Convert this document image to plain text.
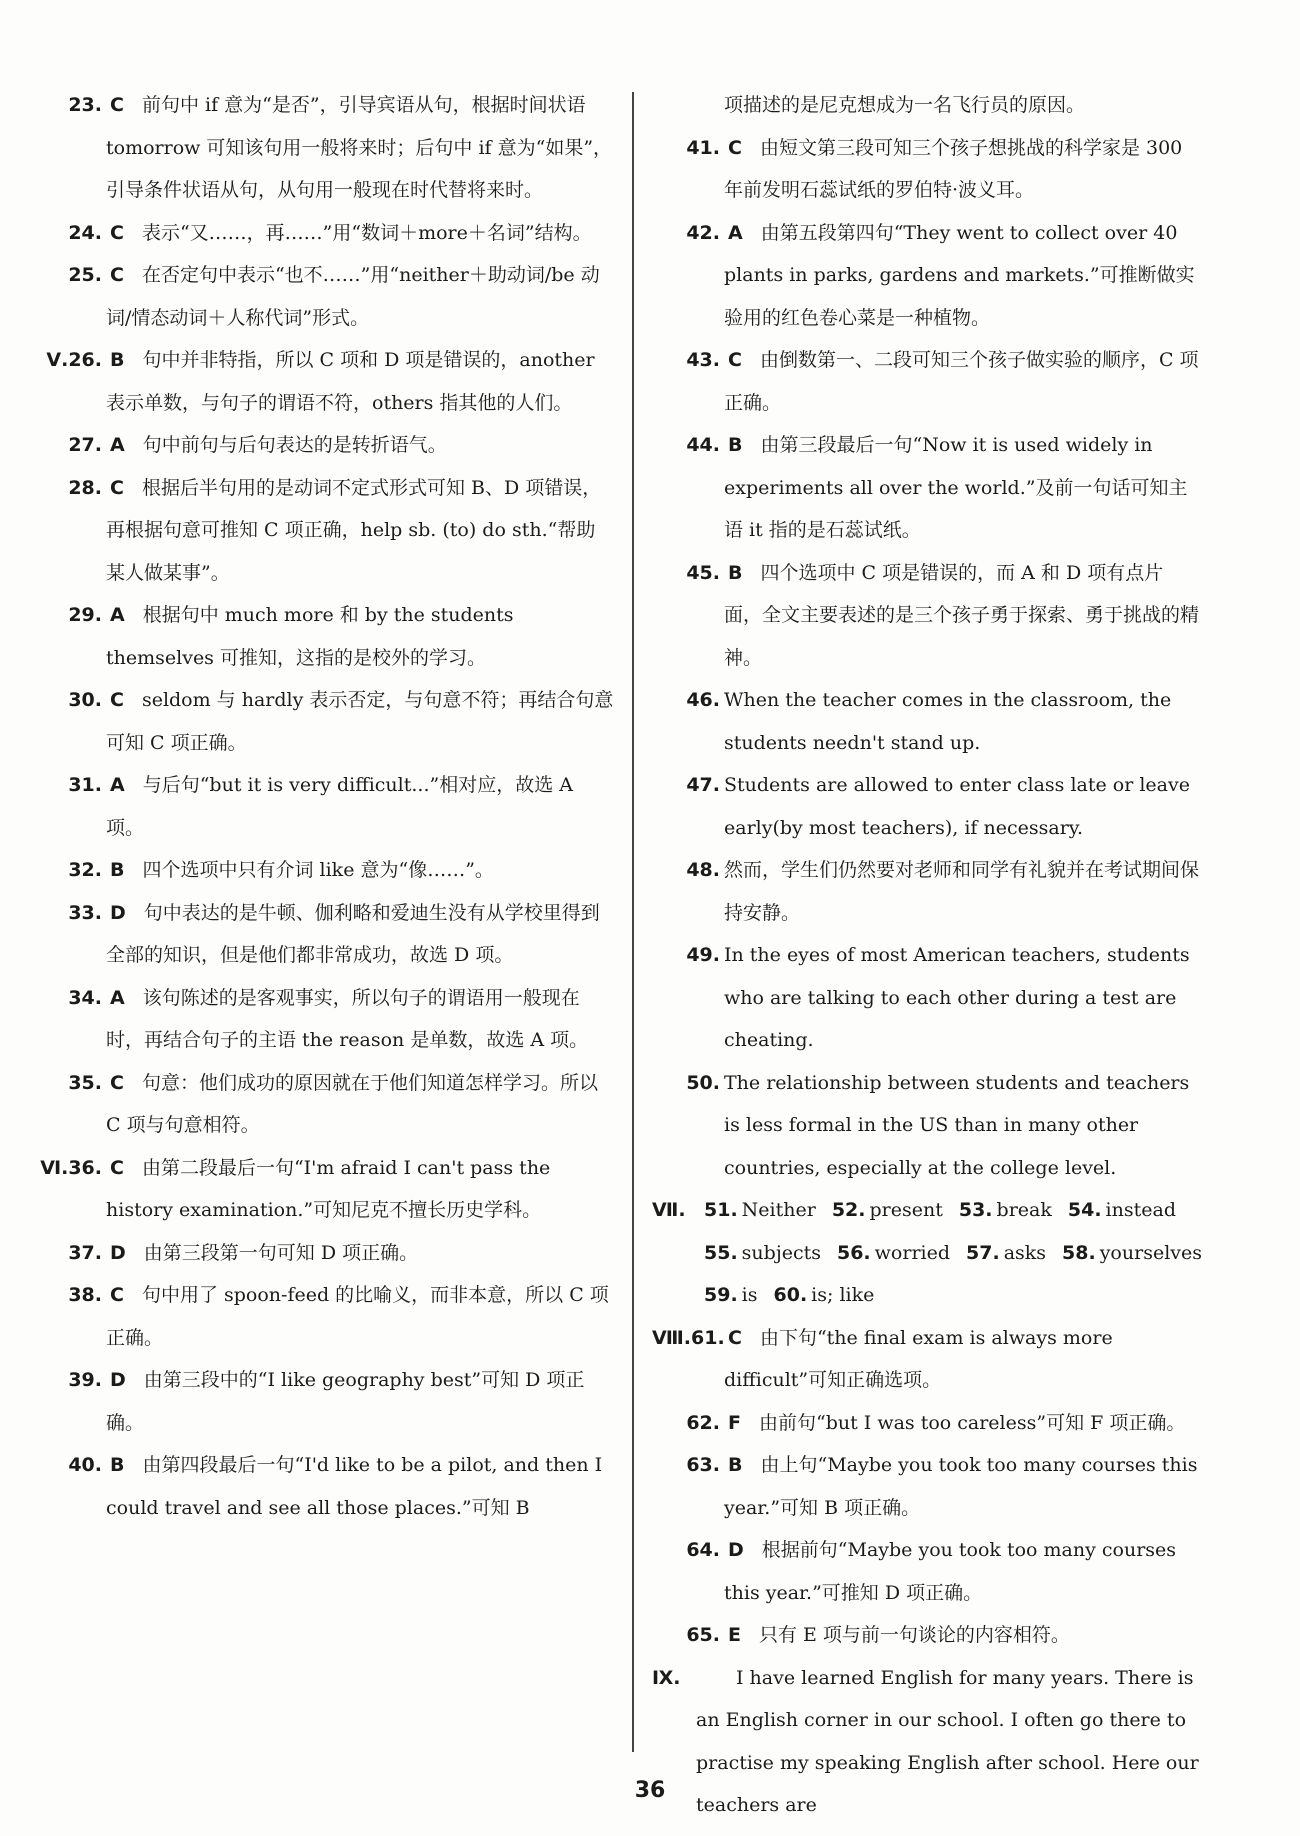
23. C 前句中 if 意为“是否”，引导宾语从句，根据时间状语 tomorrow 可知该句用一般将来时；后句中 if 意为“如果”，引导条件状语从句，从句用一般现在时代替将来时。
24. C 表示“又……，再……”用“数词＋more＋名词”结构。
25. C 在否定句中表示“也不……”用“neither＋助动词/be 动词/情态动词＋人称代词”形式。
Ⅴ.26. B 句中并非特指，所以 C 项和 D 项是错误的，another 表示单数，与句子的谓语不符，others 指其他的人们。
27. A 句中前句与后句表达的是转折语气。
28. C 根据后半句用的是动词不定式形式可知 B、D 项错误，再根据句意可推知 C 项正确，help sb. (to) do sth.“帮助某人做某事”。
29. A 根据句中 much more 和 by the students themselves 可推知，这指的是校外的学习。
30. C seldom 与 hardly 表示否定，与句意不符；再结合句意可知 C 项正确。
31. A 与后句“but it is very difficult...”相对应，故选 A 项。
32. B 四个选项中只有介词 like 意为“像……”。
33. D 句中表达的是牛顿、伽利略和爱迪生没有从学校里得到全部的知识，但是他们都非常成功，故选 D 项。
34. A 该句陈述的是客观事实，所以句子的谓语用一般现在时，再结合句子的主语 the reason 是单数，故选 A 项。
35. C 句意：他们成功的原因就在于他们知道怎样学习。所以 C 项与句意相符。
Ⅵ.36. C 由第二段最后一句“I'm afraid I can't pass the history examination.”可知尼克不擅长历史学科。
37. D 由第三段第一句可知 D 项正确。
38. C 句中用了 spoon-feed 的比喻义，而非本意，所以 C 项正确。
39. D 由第三段中的“I like geography best”可知 D 项正确。
40. B 由第四段最后一句“I'd like to be a pilot, and then I could travel and see all those places.”可知 B
项描述的是尼克想成为一名飞行员的原因。
41. C 由短文第三段可知三个孩子想挑战的科学家是 300 年前发明石蕊试纸的罗伯特·波义耳。
42. A 由第五段第四句“They went to collect over 40 plants in parks, gardens and markets.”可推断做实验用的红色卷心菜是一种植物。
43. C 由倒数第一、二段可知三个孩子做实验的顺序，C 项正确。
44. B 由第三段最后一句“Now it is used widely in experiments all over the world.”及前一句话可知主语 it 指的是石蕊试纸。
45. B 四个选项中 C 项是错误的，而 A 和 D 项有点片面，全文主要表述的是三个孩子勇于探索、勇于挑战的精神。
46. When the teacher comes in the classroom, the students needn't stand up.
47. Students are allowed to enter class late or leave early(by most teachers), if necessary.
48. 然而，学生们仍然要对老师和同学有礼貌并在考试期间保持安静。
49. In the eyes of most American teachers, students who are talking to each other during a test are cheating.
50. The relationship between students and teachers is less formal in the US than in many other countries, especially at the college level.
Ⅶ. 51. Neither 52. present 53. break 54. instead
55. subjects 56. worried 57. asks 58. yourselves
59. is 60. is; like
Ⅷ.61. C 由下句“the final exam is always more difficult”可知正确选项。
62. F 由前句“but I was too careless”可知 F 项正确。
63. B 由上句“Maybe you took too many courses this year.”可知 B 项正确。
64. D 根据前句“Maybe you took too many courses this year.”可推知 D 项正确。
65. E 只有 E 项与前一句谈论的内容相符。
Ⅸ.	I have learned English for many years. There is an English corner in our school. I often go there to practise my speaking English after school. Here our teachers are
36
